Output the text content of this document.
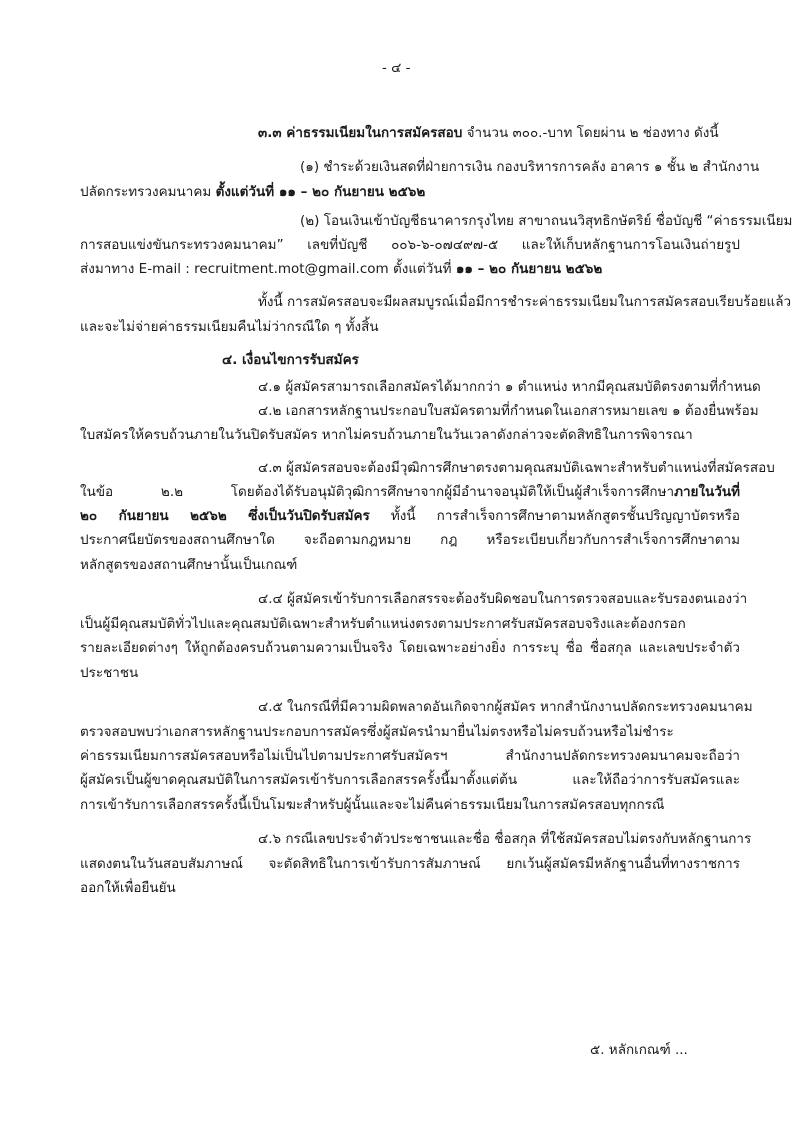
- ๔ -
๓.๓ ค่าธรรมเนียมในการสมัครสอบ จำนวน ๓๐๐.-บาท โดยผ่าน ๒ ช่องทาง ดังนี้
(๑) ชำระด้วยเงินสดที่ฝ่ายการเงิน กองบริหารการคลัง อาคาร ๑ ชั้น ๒ สำนักงาน
ปลัดกระทรวงคมนาคม ตั้งแต่วันที่ ๑๑ – ๒๐ กันยายน ๒๕๖๒
(๒) โอนเงินเข้าบัญชีธนาคารกรุงไทย สาขาถนนวิสุทธิกษัตริย์ ชื่อบัญชี “ค่าธรรมเนียม
การสอบแข่งขันกระทรวงคมนาคม” เลขที่บัญชี ๐๐๖-๖-๐๗๔๙๗-๕ และให้เก็บหลักฐานการโอนเงินถ่ายรูป
ส่งมาทาง E-mail : recruitment.mot@gmail.com ตั้งแต่วันที่ ๑๑ – ๒๐ กันยายน ๒๕๖๒
ทั้งนี้ การสมัครสอบจะมีผลสมบูรณ์เมื่อมีการชำระค่าธรรมเนียมในการสมัครสอบเรียบร้อยแล้ว
และจะไม่จ่ายค่าธรรมเนียมคืนไม่ว่ากรณีใด ๆ ทั้งสิ้น
๔. เงื่อนไขการรับสมัคร
๔.๑ ผู้สมัครสามารถเลือกสมัครได้มากกว่า ๑ ตำแหน่ง หากมีคุณสมบัติตรงตามที่กำหนด
๔.๒ เอกสารหลักฐานประกอบใบสมัครตามที่กำหนดในเอกสารหมายเลข ๑ ต้องยื่นพร้อม
ใบสมัครให้ครบถ้วนภายในวันปิดรับสมัคร หากไม่ครบถ้วนภายในวันเวลาดังกล่าวจะตัดสิทธิในการพิจารณา
๔.๓ ผู้สมัครสอบจะต้องมีวุฒิการศึกษาตรงตามคุณสมบัติเฉพาะสำหรับตำแหน่งที่สมัครสอบ
ในข้อ ๒.๒ โดยต้องได้รับอนุมัติวุฒิการศึกษาจากผู้มีอำนาจอนุมัติให้เป็นผู้สำเร็จการศึกษาภายในวันที่
๒๐ กันยายน ๒๕๖๒ ซึ่งเป็นวันปิดรับสมัคร ทั้งนี้ การสำเร็จการศึกษาตามหลักสูตรชั้นปริญญาบัตรหรือ
ประกาศนียบัตรของสถานศึกษาใด จะถือตามกฎหมาย กฎ หรือระเบียบเกี่ยวกับการสำเร็จการศึกษาตาม
หลักสูตรของสถานศึกษานั้นเป็นเกณฑ์
๔.๔ ผู้สมัครเข้ารับการเลือกสรรจะต้องรับผิดชอบในการตรวจสอบและรับรองตนเองว่า
เป็นผู้มีคุณสมบัติทั่วไปและคุณสมบัติเฉพาะสำหรับตำแหน่งตรงตามประกาศรับสมัครสอบจริงและต้องกรอก
รายละเอียดต่างๆ ให้ถูกต้องครบถ้วนตามความเป็นจริง โดยเฉพาะอย่างยิ่ง การระบุ ชื่อ ชื่อสกุล และเลขประจำตัว
ประชาชน
๔.๕ ในกรณีที่มีความผิดพลาดอันเกิดจากผู้สมัคร หากสำนักงานปลัดกระทรวงคมนาคม
ตรวจสอบพบว่าเอกสารหลักฐานประกอบการสมัครซึ่งผู้สมัครนำมายื่นไม่ตรงหรือไม่ครบถ้วนหรือไม่ชำระ
ค่าธรรมเนียมการสมัครสอบหรือไม่เป็นไปตามประกาศรับสมัครฯ สำนักงานปลัดกระทรวงคมนาคมจะถือว่า
ผู้สมัครเป็นผู้ขาดคุณสมบัติในการสมัครเข้ารับการเลือกสรรครั้งนี้มาตั้งแต่ต้น และให้ถือว่าการรับสมัครและ
การเข้ารับการเลือกสรรครั้งนี้เป็นโมฆะสำหรับผู้นั้นและจะไม่คืนค่าธรรมเนียมในการสมัครสอบทุกกรณี
๔.๖ กรณีเลขประจำตัวประชาชนและชื่อ ชื่อสกุล ที่ใช้สมัครสอบไม่ตรงกับหลักฐานการ
แสดงตนในวันสอบสัมภาษณ์ จะตัดสิทธิในการเข้ารับการสัมภาษณ์ ยกเว้นผู้สมัครมีหลักฐานอื่นที่ทางราชการ
ออกให้เพื่อยืนยัน
๕. หลักเกณฑ์ ...
